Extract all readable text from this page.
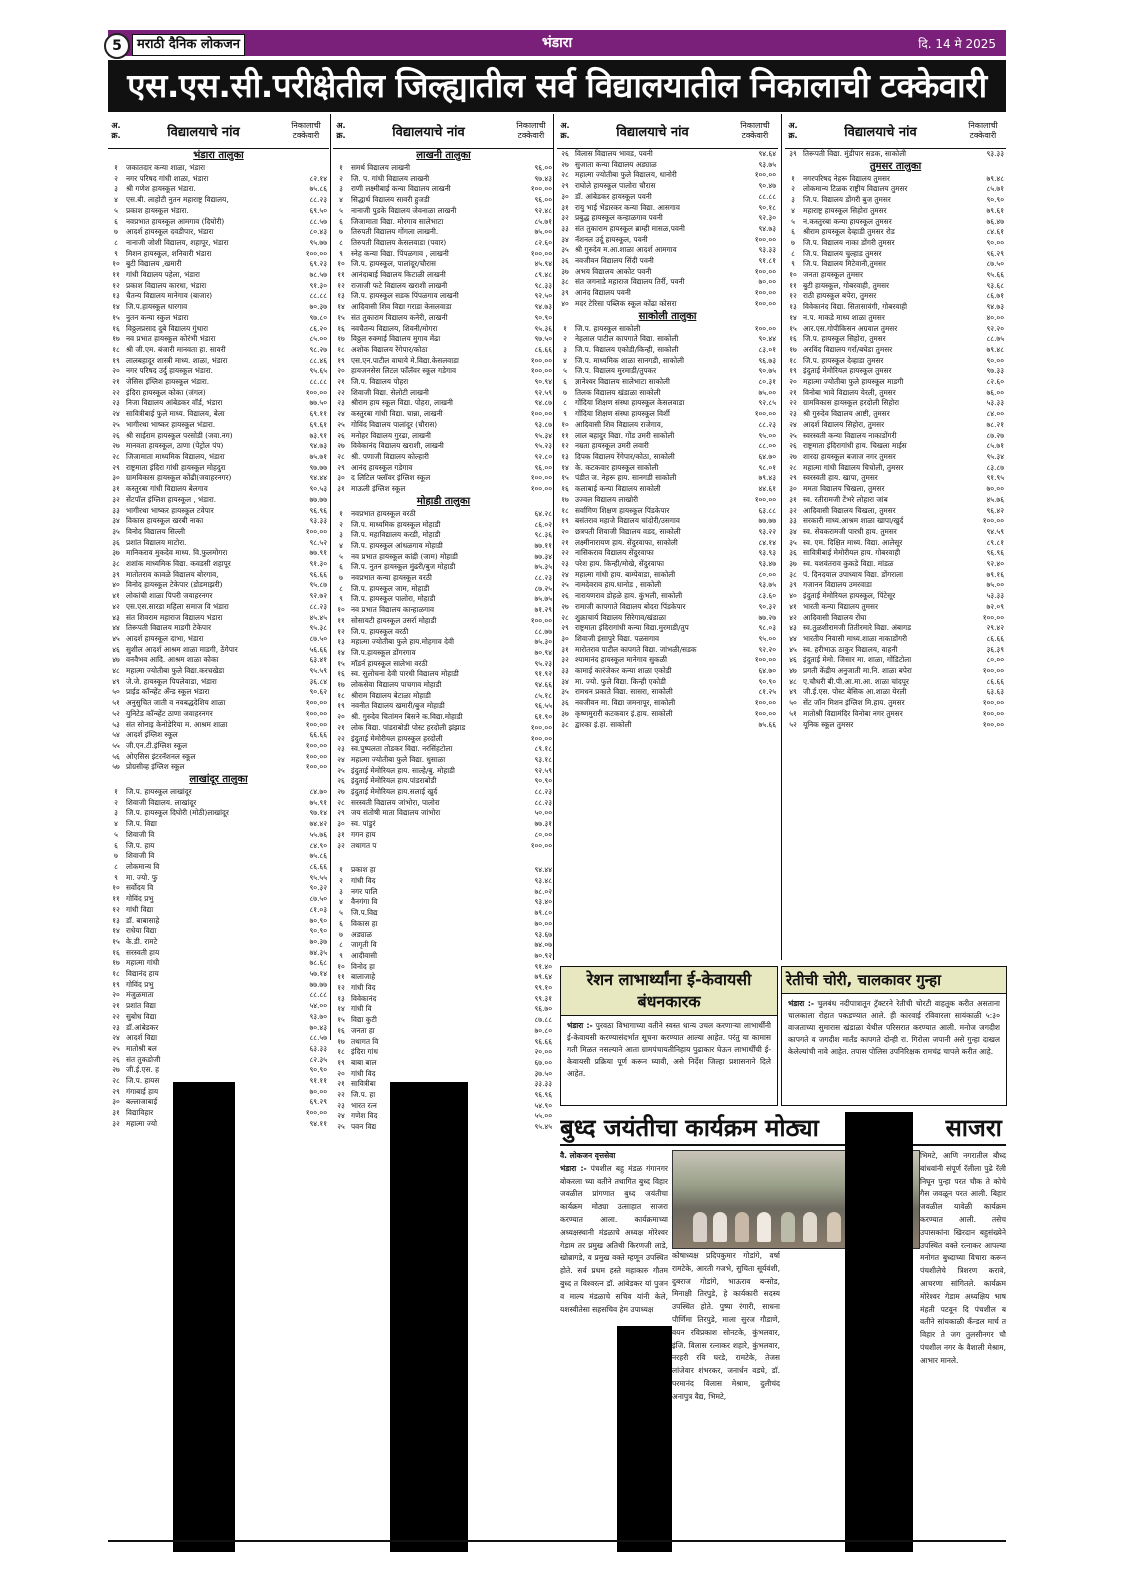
भंडारा	दि. 14 मे 2025
5	मराठी दैनिक लोकजन
एस.एस.सी.परीक्षेतील जिल्ह्यातील सर्व विद्यालयातील निकालाची टक्केवारी
अ. क्र.	विद्यालयाचे नांव	निकालाची टक्केवारी
भंडारा तालुका		
१	जकातदार कन्या शाळा, भंडारा	
२	नगर परिषद गांधी शाळा, भंडारा	८२.१४
३	श्री गणेश हायस्कूल भंडारा.	७५.८६
४	एस.बी. लाहोटी नुतन महाराष्ट्र विद्यालय,	८८.२३
५	प्रकाश हायस्कूल भंडारा.	६९.५०
६	नवप्रभात हायस्कूल आमगाव (दिघोरी)	८८.५७
७	आदर्श हायस्कूल दवडीपार, भंडारा	८०.४३
८	नानाजी जोशी विद्यालय, शहापूर, भंडारा	९५.७७
९	मिशन हायस्कूल, शनिवारी भंडारा	१००.००
१०	बुटी विद्यालय ,खमारी	६९.२३
११	गांधी विद्यालय पहेला, भंडारा	७८.५७
१२	प्रकाश विद्यालय कारधा, भंडारा	९१.३०
१३	चैतन्य विद्यालय मानेगाव (बाजार)	८८.८८
१४	जि.प.हायस्कूल धारगाव	७०.३७
१५	नुतन कन्या स्कुल भंडारा	९७.८०
१६	विठ्ठलप्रसाद दुबे विद्यालय गुंथारा	८६.२०
१७	नव प्रभात हायस्कूल कोरंभी भंडारा	८५.००
१८	श्री जी.एम. बंजारी मानवता हा. सावरी	९८.२७
१९	लालबहादूर शास्त्री माध्य. शाळा, भंडारा	८८.४६
२०	नगर परिषद उर्दु हायस्कूल भंडारा.	९५.६५
२१	जेसिस इंग्लिश हायस्कूल भंडारा.	८८.८८
२२	इंदिरा हायस्कूल कोका (जंगल)	१००.००
२३	निजा विद्यालय आंबेडकर वॉर्ड, भंडारा	७७.५०
२४	सावित्रीबाई फुले माध्य. विद्यालय, बेला	६९.११
२५	भागीरथा भाष्कर हायस्कूल भंडारा.	६९.६१
२६	श्री साईराम हायस्कूल परसोडी (जवा.नग)	७३.९१
२७	मानवता हायस्कूल, ठाणा (पेट्रोल पंप)	९४.७३
२८	जिजामाता माध्यमिक विद्यालय, भंडारा	७५.७१
२९	राष्ट्रमाता इंदिरा गांधी हायस्कूल मोहदुरा	९७.७७
३०	ग्रामविकास हायस्कूल कोंढी(जवाहरनगर)	९४.४४
३१	कस्तुरबा गांधी विद्यालय बेलगाव	९०.५३
३२	सेंटपॉल इंग्लिश हायस्कूल , भंडारा.	७७.७७
३३	भागीरथा भाष्कर हायस्कूल टवेपार	९६.९६
३४	विकास हायस्कूल खरबी नाका	९३.३३
३५	विनोद विद्यालय सिल्ली	१००.००
३६	प्रशांत विद्यालय माटोरा.	९८.५२
३७	मानिकराव मुकदेव माध्य. वि.फुलमोगरा	७७.९१
३८	शशांक माध्यमिक विद्या. कवडसी शहापूर	९१.३०
३९	मातोतराव कावळे विद्यालय बोरगाव,	९६.६६
४०	विनोद हायस्कूल टेकेपार (डोडमाझरी)	९५.८७
४१	लोकांची शाळा पिपरी जवाहरनगर	९२.७२
४२	एस.एस.सारडा महिला समाज वि भंडारा	८८.२३
४३	संत शिवराम महाराज विद्यालय भंडारा	४५.४५
४४	तिरूपती विद्यालय माडगी टेकेपार	९५.३८
४५	आदर्श हायस्कूल दाभा, भंडारा	८७.५०
४६	सुशील आदर्श आश्रम शाळा माडगी, ठेंगेपार	५६.६६
४७	वनवैभव आदि. आश्रम शाळा कोका	६३.४१
४८	महात्मा ज्योतीबा फुले विद्या.करचखेडा	९५.५९
४९	जे.जे. हायस्कूल पिपलेवाडा, भंडारा	३६.८४
५०	प्राईड कॉन्व्हेंट अँन्ड स्कूल भंडारा	९०.६२
५१	अनुसुचित जाती व नवबद्धदेशिय शाळा	१००.००
५२	युनिटेड कॉन्व्हेंट ठाणा जवाहरनगर	१००.००
५३	संत सोनाइ केनोडेरिया म. आश्रम शाळा	१००.००
५४	आदर्श इंग्लिश स्कूल	६६.६६
५५	जी.एन.टी.इंग्लिश स्कूल	१००.००
५६	ओएसिस इंटरनॅशनल स्कूल	१००.००
५७	प्रोग्रसीव्ह इंग्लिश स्कूल	१००.००
लाखांदूर तालुका		
१	जि.प. हायस्कूल लाखांदूर	८४.७०
२	शिवाजी विद्यालय. लाखांदूर	७५.९१
३	जि.प. हायस्कूल दिघोरी (मोठी)लाखांदूर	९७.१४
४	जि.प. विद्या	७४.४२
५	शिवाजी वि	५५.७६
६	जि.प. हाय	८४.९०
७	शिवाजी वि	७५.८६
८	लोकमान्य वि	८६.६६
९	मा. ज्यो. फु	९५.५५
१०	सर्वोदय वि	९०.३२
११	गोविंद प्रभु	८७.५०
१२	गांधी विद्या	८१.०३
१३	डॉ. बाबासाहे	७०.९०
१४	राधेया विद्या	९०.९०
१५	के.डी. रामटे	७०.३७
१६	सरस्वती हाय	७४.३५
१७	महात्मा गांधी	७८.६८
१८	विद्यानंद हाय	५७.१४
१९	गोविंद प्रभु	७७.७७
२०	मंजुळमाता	८८.८८
२१	प्रशांत विद्या	५४.००
२२	सुबोध विद्या	९३.७०
२३	डॉ.आंबेडकर	७०.४३
२४	आदर्श विद्या	८८.५७
२५	मातोश्री बल	६३.३३
२६	संत तुकडोजी	८२.३५
२७	जी.ई.एस. ह	९०.९०
२८	जि.प. हायस	९१.११
२९	गंगाबाई हाय	७०.००
३०	बल्लाजाबाई	६९.२९
३१	विद्याविहार	१००.००
३२	महात्मा ज्यो	९४.११
अ. क्र.	विद्यालयाचे नांव	निकालाची टक्केवारी
लाखनी तालुका		
१	समर्थ विद्यालय लाखनी	९६.००
२	जि. प. गांधी विद्यालय लाखनी	९७.४३
३	राणी लक्ष्मीबाई कन्या विद्यालय लाखनी	१००.००
४	सिद्धार्थ विद्यालय सावरी हुजडी	९६.००
५	नानाजी पुडके विद्यालय जेवनाळा लाखनी	९२.४८
६	जिजामाता विद्या. मोरगाव सालेभाटा	८५.७१
७	तिरुपती विद्यालय गोंगला लाखनी.	७५.००
८	तिरुपती विद्यालय केसलवाडा (पवार)	८२.६०
९	स्नेह कन्या विद्या. पिंपळगाव , लाखनी	१००.००
१०	जि.प. हायस्कूल, पालांदूर/चौरास	४५.९४
११	आनंदाबाई विद्यालय किटाळी लाखनी	८९.४८
१२	राजाजी फटे विद्यालय खराशी लाखनी	९८.३३
१३	जि.प. हायस्कूल सडक पिंपळगाव लाखनी	९२.५०
१४	आदिवासी शिव विद्या गराडा केसलवाडा	९४.७३
१५	संत तुकाराम विद्यालय कनेरी, लाखनी	९०.९०
१६	नवचैतन्य विद्यालय, शिवनी/मोगरा	९५.३६
१७	विठ्ठल रुक्माई विद्यालय मुगाव मेंढा	९७.५०
१८	अशोक विद्यालय रेंगेपार/कोठा	८६.६६
१९	एस.एन.पाटील वाघाये मे.विद्या.केसलवाडा	१००.००
२०	हायजनसेस लिटल फाँलॅवर स्कूल गडेगाव	१००.००
२१	जि.प. विद्यालय पोहरा	९०.९४
२२	शिवाजी विद्या. सेलोटी लाखनी	९२.५९
२३	श्रीराम हाय स्कूल विद्या. पोहरा, लाखनी	९४.८७
२४	कस्तुरबा गांधी विद्या. चान्ना, लाखनी	१००.००
२५	गोविंद विद्यालय पालांदूर (चौरास)	९३.८७
२६	मनोहर विद्यालय गुरढा, लाखनी	९५.३४
२७	विवेकानंद विद्यालय खराशी, लाखनी	९५.२३
२८	श्री. पणाजी विद्यालय कोल्हारी	९२.८०
२९	आनंद हायस्कूल गडेगाव	९६.००
३०	द लिटिल फ्लॉवर इंग्लिश स्कूल	१००.००
३१	माऊली इंग्लिश स्कूल	१००.००
मोहाडी तालुका		
१	नवप्रभात हायस्कूल वरठी	६४.२८
२	जि.प. माध्यमिक हायस्कूल मोहाडी	८६.०२
३	जि.प. महाविद्यालय करडी, मोहाडी	९८.३६
४	जि.प. हायस्कूल आंधळगाव मोहाडी	७७.११
५	नव प्रभात हायस्कूल कांद्री (जाम) मोहाडी	७७.३४
६	जि.प. नुतन हायस्कूल मुंढरी/बुज मोहाडी	७५.३५
७	नवप्रभात कन्या हायस्कूल वरठी	८८.२३
८	जि.प. हायस्कूल जाम, मोहाडी	८७.२५
९	जि.प. हायस्कूल पालोरा, मोहाडी	७५.७५
१०	नव प्रभात विद्यालय कान्हाळगाव	७१.२९
११	सोसायटी हायस्कूल उसर्रा मोहाडी	१००.००
१२	जि.प. हायस्कूल वरठी	८८.७७
१३	महात्मा ज्योतीबा फुले हाय.मोहगाव देवी	७५.३०
१४	जि.प.हायस्कूल डोंगरगाव	७०.९४
१५	मॉडर्न हायस्कूल सालेभा वरठी	९५.२३
१६	स्व. सुलोचना देवी पारधी विद्यालय मोहाडी	९१.९२
१७	लोकसेवा विद्यालय पाचगाव मोहाडी	९४.६६
१८	श्रीराम विद्यालय बेटाळा मोहाडी	८५.१८
१९	नवनीत विद्यालय खमारी/बुज मोहाडी	९६.५५
२०	श्री. गुरुदेव चितांमन बिसने क.विद्या.मोहाडी	६१.९०
२१	लोक विद्या. पांडराबोडी पोस्ट हरदोली झंझाड	१००.००
२२	इंदुताई मेमोरीयल हायस्कूल हरदोली	१००.००
२३	स्व.पुष्पलता तोडकर विद्या. नरसिंहटोला	८९.१८
२४	महात्मा ज्योतीबा फुले विद्या. धुसाळा	९३.१८
२५	इंदुताई मेमोरियल हाय. साल्हे/बु. मोहाडी	९२.५९
२६	इंदुताई मेमोरियल हाय.पांडराबोडी	९०.९०
२७	इंदुताई मेमोरियल हाय.सलाई खुर्द	८८.२३
२८	सरस्वती विद्यालय जांभोरा, पालोरा	८८.२३
२९	जय संतोषी माता विद्यालय जांभोरा	५०.००
३०	स्व. पांडुरं	७७.३१
३१	गगन हाय	८०.००
३२	तथागत प	१००.००

१	प्रकाश हा	९४.४४
२	गांधी विद	९३.४८
३	नगर पालि	७८.०२
४	वैनगंगा वि	९३.४०
५	जि.प.विद्य	७९.८०
६	विकास हा	७०.००
७	अड्याळ	९३.६७
८	जागृती वि	७४.०७
९	आदीवासी	७०.९२
१०	विनोद हा	९१.४०
११	बालाजाहे	७९.६४
१२	गांधी विद	९९.१०
१३	विवेकानंद	९९.३१
१४	गांधी वि	९६.७०
१५	विद्या कुटी	८७.८८
१६	जनता हा	७०.८०
१७	तथागत वि	९६.६६
१८	इंदिरा गांध	२०.००
१९	बाबा बाल	६७.००
२०	गांधी विद	३७.५०
२१	सावित्रीबा	३३.३३
२२	जि.प. हा	९६.९६
२३	भारत रत्न	५४.९०
२४	गणेश विद	५५.००
२५	पवन विद्य	९५.४५
अ. क्र.	विद्यालयाचे नांव	निकालाची टक्केवारी
२६	विलास विद्यालय भावड, पवनी	९४.६४
२७	सुजाता कन्या विद्यालय अड्याळ	९३.७५
२८	महात्मा ज्योतीबा फुले विद्यालय, धानोरी	१००.००
२९	राघोले हायस्कूल पालोरा चौरास	९०.४७
३०	डॉ. आंबेडकर हायस्कूल पवनी	८८.८८
३१	रायु भाई भेंडारकर कन्या विद्या. आसगाव	९०.१८
३२	प्रबुद्ध हायस्कूल कन्हाळगाव पवनी	९२.३०
३३	संत तुकाराम हायस्कूल ब्राम्ही मासळ,पवनी	९४.७३
३४	नॅशनल उर्दू हायस्कूल, पवनी	१००.००
३५	श्री गुरुदेव म.आ.शाळा आदर्श आमगाव	९३.३३
३६	नवजीवन विद्यालय सिंदी पवनी	९१.८१
३७	अभय विद्यालय आकोट पवनी	१००.००
३८	संत जगनाडे महाराज विद्यालय तिर्री, पवनी	७०.००
३९	आनंद विद्यालय पवनी	१००.००
४०	मदर टेरिसा पब्लिक स्कूल कोंढा कोसरा	१००.००
साकोली तालुका		
१	जि.प. हायस्कूल साकोली	१००.००
२	नेहलाल पाटील कापगाते विद्या. साकोली	९०.४४
३	जि.प. विद्यालय एकोडी/किन्ही, साकोली	८३.०१
४	जि.प. माध्यमिक शाळा सानगडी, साकोली	९६.७३
५	जि.प. विद्यालय मुरमाडी/तुपकर	९०.७५
६	ज्ञानेश्वर विद्यालय सालेभाटा साकोली	८०.३१
७	तिलक विद्यालय खंडाळा साकोली	७५.००
८	गोंदिया शिक्षण संस्था हायस्कूल केसलवाडा	९२.८५
९	गोंदिया शिक्षण संस्था हायस्कूल विर्शी	१००.००
१०	आदिवासी शिव विद्यालय राजेगाव,	८८.२३
११	लाल बहादुर विद्या. गोंड उमरी साकोली	९५.००
१२	नम्रता हायस्कूल उमरी लवारी	८८.००
१३	दिपक विद्यालय रेंगेपार/कोठा, साकोली	६४.७०
१४	के. कटकवार हायस्कूल साकोली	९८.०१
१५	पंडीत ज. नेहरू हाय. सानगडी साकोली	७९.४३
१६	कलाबाई कन्या विद्यालय साकोली	४४.६१
१७	उज्वल विद्यालय लाखोरी	१००.००
१८	सर्वागिण शिक्षण हायस्कूल पिंडकेपार	६३.८८
१९	बसंतराव महाजे विद्यालय चांदोरी/उसगाव	७७.७७
२०	छत्रपती शिवाजी विद्यालय वडद, साकोली	९३.२२
२१	लक्ष्मीनारायण हाय. सेंदुरवाफा, साकोली	८४.१४
२२	नासिकराव विद्यालय सेंदुरवाफा	९३.९३
२३	परेश हाय. किन्ही/मोखे, सेंदुरवाफा	९३.४७
२४	महात्मा गांधी हाय. बाम्पेवाडा, साकोली	८०.००
२५	नामदेवराव हाय.धानोड , साकोली	९३.७५
२६	नारायणराव डोहळे हाय. कुंभली, साकोली	८३.६०
२७	रामाजी कापगाते विद्यालय बोदरा पिंडकेपार	९०.३२
२८	शुक्राचार्य विद्यालय सिरेगाव/खंडाळा	७७.२७
२९	राष्ट्रमाता इंदिरागांधी कन्या विद्या.मुरमाडी/तुप	९८.०३
३०	शिवाजी इंसापुरे विद्या. पळसगाव	९५.००
३१	मारोतराव पाटील कापगते विद्या. जांभळी/सडक	९२.२०
३२	श्यामानंद हायस्कूल मानेगाव सुकळी	१००.००
३३	कामाई कारंजेकर कन्या शाळा एकोडी	६४.७०
३४	मा. ज्यो. फुले विद्या. किन्ही एकोडी	९०.९०
३५	रामधन प्रकाते विद्या. सासरा, साकोली	८१.२५
३६	नवजीवन मा. विद्या जमनापूर, साकोली	१००.००
३७	कृष्णमुरारी कटकवार इं.हाय. साकोली	१००.००
३८	द्वारका इं.हा. साकोली	७५.६६
अ. क्र.	विद्यालयाचे नांव	निकालाची टक्केवारी
३९	तिरूपती विद्या. मुंडीपार सडक, साकोली	९३.३३
तुमसर तालुका		
१	नगरपरिषद नेहरू विद्यालय तुमसर	७९.४८
२	लोकमान्य टिळक राष्ट्रीय विद्यालय तुमसर	८५.७१
३	जि.प. विद्यालय डोंगरी बुज तुमसर	९०.९०
४	महाराष्ट्र हायस्कूल सिहोरा तुमसर	७९.६१
५	न.कस्तुरबा कन्या हायस्कूल तुमसर	७६.४७
६	श्रीराम हायस्कूल देव्हाडी तुमसर रोड	८४.६१
७	जि.प. विद्यालय नाका डोंगरी तुमसर	९०.००
८	जि.प. विद्यालय चुल्हाड तुमसर	९६.२९
९	जि.प. विद्यालय मिटेवानी,तुमसर	८७.५०
१०	जनता हायस्कूल तुमसर	९५.६६
११	बुटी हायस्कूल, गोबरवाही, तुमसर	९३.६८
१२	राठी हायस्कूल बपेरा, तुमसर	८६.७१
१३	विवेकानंद विद्या. सितासावंगी, गोबरवाही	९४.७३
१४	न.प. माकडे माध्य शाळा तुमसर	४०.००
१५	आर.एस.गोपीकिसन अग्रवाल तुमसर	९२.२०
१६	जि.प. हायस्कूल सिहोरा, तुमसर	८८.७५
१७	अरविंद विद्यालय गर्रा/बघेडा तुमसर	७९.४८
१८	जि.प. हायस्कूल देव्हाडा तुमसर	९०.००
१९	इंदुताई मेमोरियल हायस्कूल तुमसर	९७.३३
२०	महात्मा ज्योतीबा फुले हायस्कूल माडगी	८२.६०
२१	विनोबा भावे विद्यालय येरली, तुमसर	७६.००
२२	ग्रामविकास हायस्कूल हरदोली सिहोरा	५३.३३
२३	श्री गुरुदेव विद्यालय आष्टी, तुमसर	८४.००
२४	आदर्श विद्यालय सिहोरा, तुमसर	७८.२१
२५	स्वरस्वती कन्या विद्यालय नाकाडोंगरी	८७.२७
२६	राष्ट्रमाता इंदिरागांधी हाय. चिखला माईस	८५.७१
२७	शारदा हायस्कूल बजाज नगर तुमसर	९५.३४
२८	महात्मा गांधी विद्यालय चिचोली, तुमसर	८३.८७
२९	स्वरस्वती हाय. खापा, तुमसर	९१.९५
३०	ममता विद्यालय चिखला, तुमसर	७०.००
३१	स्व. रतीरामजी टेंभरे लोहारा जांब	४५.७६
३२	आदिवासी विद्यालय चिखला, तुमसर	९६.४२
३३	सरकारी माध्य.आश्रम शाळा खापा/खुर्द	१००.००
३४	स्व. सेवकरामजी पारधी हाय. तुमसर	९४.५९
३५	स्व. एम. दिक्षित माध्य. विद्या. आलेसूर	८९.८१
३६	सावित्रीबाई मेमोरीयल हाय. गोबरवाही	९६.९६
३७	स्व. यशवंतराव कुकडे विद्या. मांडळ	९२.४०
३८	पं. दिनदयाल उपाध्याय विद्या. डोंगराला	७९.१६
३९	गजानन विद्यालय उमरवाडा	७५.००
४०	इंदुताई मेमोरियल हायस्कूल, पिंटेसूर	५३.३३
४१	भारती कन्या विद्यालय तुमसर	७२.०९
४२	आदिवासी विद्यालय रोंघा	१००.००
४३	स्व.तुळशीरामजी तितीरमारे विद्या. अंबागड	२९.४२
४४	भारतीय निवासी माध्य.शाळा नाकाडोंगरी	८६.६६
४५	स्व. हरीभाऊ ठाकुर विद्यालय, वाहनी	३६.३९
४६	इंदुताई मेमो. जिसार मा. शाळा, गोंडिटोला	८०.००
४७	प्रगती केंद्रीय अनुजाती मा.नि. शाळा बपेरा	१००.००
४८	ए.चौधरी बी.पी.आ.मा.आ. शाळा चांदपूर	८६.६६
४९	जी.ई.एस. पोस्ट बेसिक आ.शाळा येरली	६३.६३
५०	सेंट जॉन मिशन इंग्लिश मि.हाय. तुमसर	१००.००
५१	मातोश्री विद्यामंदिर विनोबा नगर तुमसर	१००.००
५२	यूनिक स्कूल तुमसर	१००.००
रेशन लाभार्थ्यांना ई-केवायसी
बंधनकारक
भंडारा :- पुरवठा विभागाच्या वतीने स्वस्त धान्य उचल करणाऱ्या लाभार्थींनी ई-केवायसी करण्यासंदर्भात सूचना करण्यात आल्या आहेत. परंतु या कामास गती मिळत नसल्याने आता ग्रामपंचायतीनिहाय पुढाकार घेऊन लाभार्थींची ई-केवायसी प्रक्रिया पूर्ण करून घ्यावी, असे निर्देश जिल्हा प्रशासनाने दिले आहेत.
रेतीची चोरी, चालकावर गुन्हा
भंडारा :- चुलबंध नदीपात्रातून ट्रॅक्टरने रेतीची चोरटी वाहतूक करीत असताना चालकाला रोहात पकडण्यात आले. ही कारवाई रविवारला सायंकाळी ५:३० वाजताच्या सुमारास खंडाळा येथील परिसरात करण्यात आली. मनोज जगदीश कापगते व जगदीश मार्तंड कापगते दोन्ही रा. गिरोला जपानी असे गुन्हा दाखल केलेल्यांची नावे आहेत. तपास पोलिस उपनिरिक्षक रामचंद्र चापले करीत आहे.
बुध्द जयंतीचा कार्यक्रम मोठ्या	साजरा
वै. लोकजन वृत्तसेवा
भंडारा :- पंचशील बहु मंडळ गंगानगर बोकरला च्या वतीने तथागित बुध्द विहार जवळील प्रांगणात बुध्द जयंतीचा कार्यक्रम मोठ्या उत्साहात साजरा करण्यात आला. कार्यक्रमाच्या अध्यक्षस्थानी मंडळाचे अध्यक्ष मोरेश्वर गेडाम तर प्रमुख अतिथी किरणजी लाडे, खोब्रागडे, व प्रमुख वक्ते म्हणून उपस्थित होते. सर्व प्रथम हस्ते महाकारु गौतम बुध्द त विश्वरत्न डॉ. आंबेडकर यां पुजन व माल्य मंडळाचे सचिव यांनी केले, यशस्वीतेसा सहसचिव हेम उपाध्यक्ष
कोषाध्यक्ष प्रदिपकुमार गोडांगे, वर्षा रामटेके, आरती गजभे, सुचिता सूर्यवंशी, दुबराज गोडांगे, भाऊराव बन्सोड, मिनाक्षी तिरपुडे, हे कार्यकारी सदस्य उपस्थित होते. पुष्पा रंगारी, साधना पौर्णिमा तिरपुडे, माला सुरज गौडाणे, वयन रविप्रकाश सोनटके, कुंभलवार, इंजि. विलास रत्नाकर शहारे, कुंभलवार, नरहरी रवि घरडे, रामटेके, तेजस लांजेवार शंभरकर, जनार्धन वडघे, डॉ. परमानंद विलास मेश्राम, दुलीचंद अनापुत्र वैद्य, भिमटे,
भिमटे, आणि नगरातील बौध्द बांधवांनी संपूर्ण रॅलीला पुढे रॅली निघून पुन्हा परत चौक ते कोचे गैस जवळून परत आली. बिहार जवळील यावेळी कार्यक्रम करण्यात आली. तसेच उपासकांना खिरदान बहुसंख्येने उपस्थित वक्ते रत्नाकर आपल्या मनोगत बुध्दाच्या विचारा करून पंचशीलेचे त्रिशरण करावे, आचरणा सांगितले. कार्यक्रम मोरेश्वर गेडाम अध्यक्षिय भाष मंहती पटवून दि पंचशील ब वतीने सांयकाळी कँन्डल मार्च त विहार ते जग तुलसीनगर चौ पंचशील नगर के वैशाली मेश्राम, आभार मानले.
